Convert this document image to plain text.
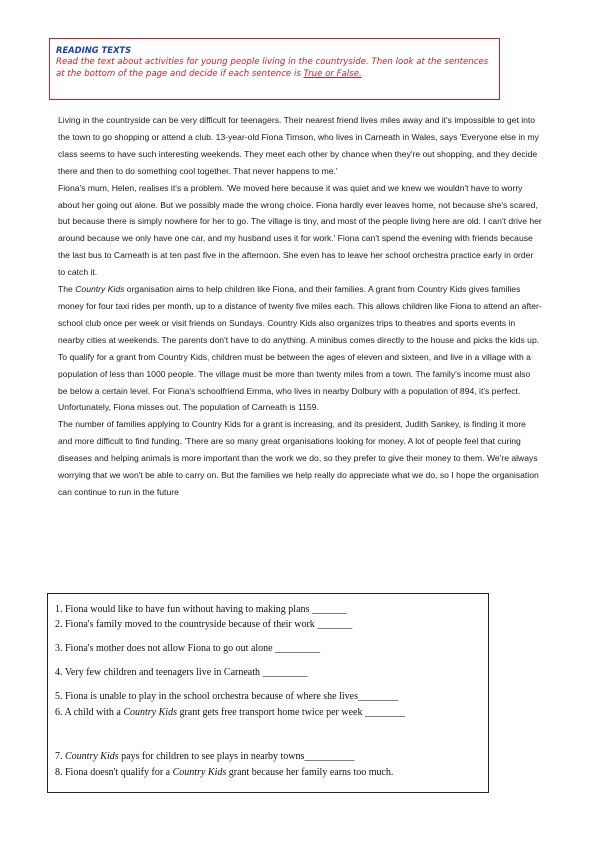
READING TEXTS
Read the text about activities for young people living in the countryside. Then look at the sentences at the bottom of the page and decide if each sentence is True or False.

Living in the countryside can be very difficult for teenagers. Their nearest friend lives miles away and it's impossible to get into the town to go shopping or attend a club. 13-year-old Fiona Timson, who lives in Carneath in Wales, says 'Everyone else in my class seems to have such interesting weekends. They meet each other by chance when they're out shopping, and they decide there and then to do something cool together. That never happens to me.'

Fiona's mum, Helen, realises it's a problem. 'We moved here because it was quiet and we knew we wouldn't have to worry about her going out alone. But we possibly made the wrong choice. Fiona hardly ever leaves home, not because she's scared, but because there is simply nowhere for her to go. The village is tiny, and most of the people living here are old. I can't drive her around because we only have one car, and my husband uses it for work.' Fiona can't spend the evening with friends because the last bus to Carneath is at ten past five in the afternoon. She even has to leave her school orchestra practice early in order to catch it.

The Country Kids organisation aims to help children like Fiona, and their families. A grant from Country Kids gives families money for four taxi rides per month, up to a distance of twenty five miles each. This allows children like Fiona to attend an after-school club once per week or visit friends on Sundays. Country Kids also organizes trips to theatres and sports events in nearby cities at weekends. The parents don't have to do anything. A minibus comes directly to the house and picks the kids up.

To qualify for a grant from Country Kids, children must be between the ages of eleven and sixteen, and live in a village with a population of less than 1000 people. The village must be more than twenty miles from a town. The family's income must also be below a certain level. For Fiona's schoolfriend Emma, who lives in nearby Dolbury with a population of 894, it's perfect. Unfortunately, Fiona misses out. The population of Carneath is 1159.

The number of families applying to Country Kids for a grant is increasing, and its president, Judith Sankey, is finding it more and more difficult to find funding. 'There are so many great organisations looking for money. A lot of people feel that curing diseases and helping animals is more important than the work we do, so they prefer to give their money to them. We're always worrying that we won't be able to carry on. But the families we help really do appreciate what we do, so I hope the organisation can continue to run in the future

1. Fiona would like to have fun without having to making plans _______
2. Fiona's family moved to the countryside because of their work _______
3. Fiona's mother does not allow Fiona to go out alone _________
4. Very few children and teenagers live in Carneath _________
5. Fiona is unable to play in the school orchestra because of where she lives________
6. A child with a Country Kids grant gets free transport home twice per week ________
7. Country Kids pays for children to see plays in nearby towns__________
8. Fiona doesn't qualify for a Country Kids grant because her family earns too much.
